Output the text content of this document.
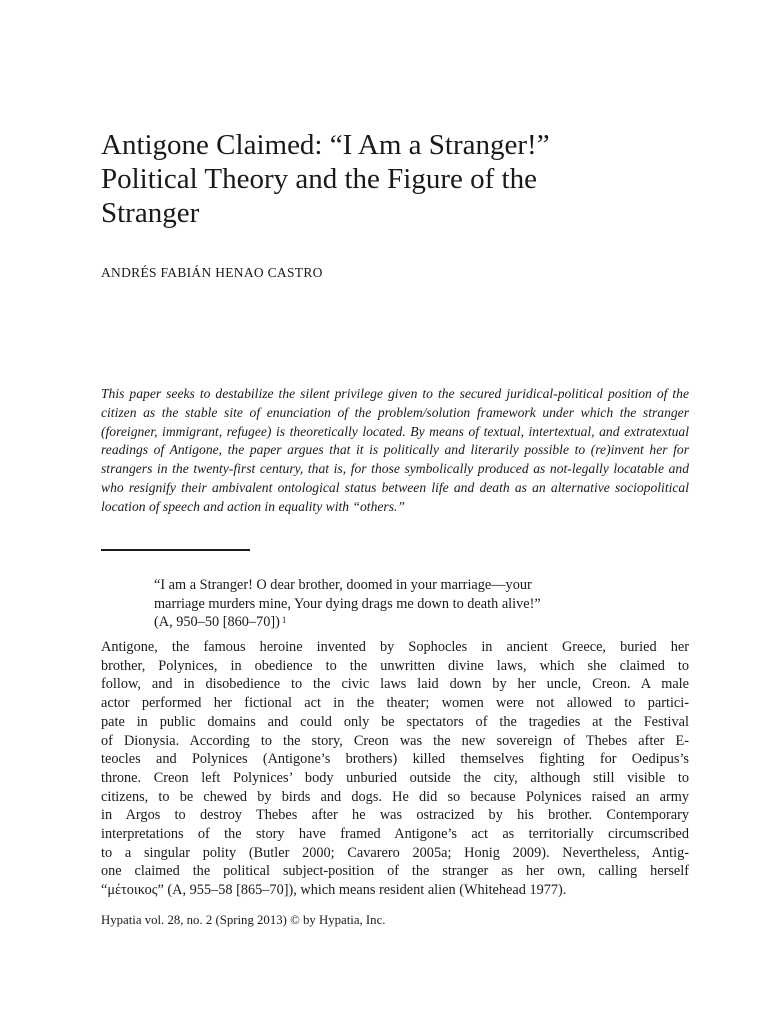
Antigone Claimed: “I Am a Stranger!”
Political Theory and the Figure of the
Stranger

ANDRÉS FABIÁN HENAO CASTRO

This paper seeks to destabilize the silent privilege given to the secured juridical-political position of the citizen as the stable site of enunciation of the problem/solution framework under which the stranger (foreigner, immigrant, refugee) is theoretically located. By means of textual, intertextual, and extratextual readings of Antigone, the paper argues that it is politically and literarily possible to (re)invent her for strangers in the twenty-first century, that is, for those symbolically produced as not-legally locatable and who resignify their ambivalent ontological status between life and death as an alternative sociopolitical location of speech and action in equality with “others.”

“I am a Stranger! O dear brother, doomed in your marriage—your
marriage murders mine, Your dying drags me down to death alive!”
(A, 950–50 [860–70]) $^1$

Antigone, the famous heroine invented by Sophocles in ancient Greece, buried her
brother, Polynices, in obedience to the unwritten divine laws, which she claimed to
follow, and in disobedience to the civic laws laid down by her uncle, Creon. A male
actor performed her fictional act in the theater; women were not allowed to partici-
pate in public domains and could only be spectators of the tragedies at the Festival
of Dionysia. According to the story, Creon was the new sovereign of Thebes after E-
teocles and Polynices (Antigone’s brothers) killed themselves fighting for Oedipus’s
throne. Creon left Polynices’ body unburied outside the city, although still visible to
citizens, to be chewed by birds and dogs. He did so because Polynices raised an army
in Argos to destroy Thebes after he was ostracized by his brother. Contemporary
interpretations of the story have framed Antigone’s act as territorially circumscribed
to a singular polity (Butler 2000; Cavarero 2005a; Honig 2009). Nevertheless, Antig-
one claimed the political subject-position of the stranger as her own, calling herself
“μέτοικος” (A, 955–58 [865–70]), which means resident alien (Whitehead 1977).

Hypatia vol. 28, no. 2 (Spring 2013) © by Hypatia, Inc.
